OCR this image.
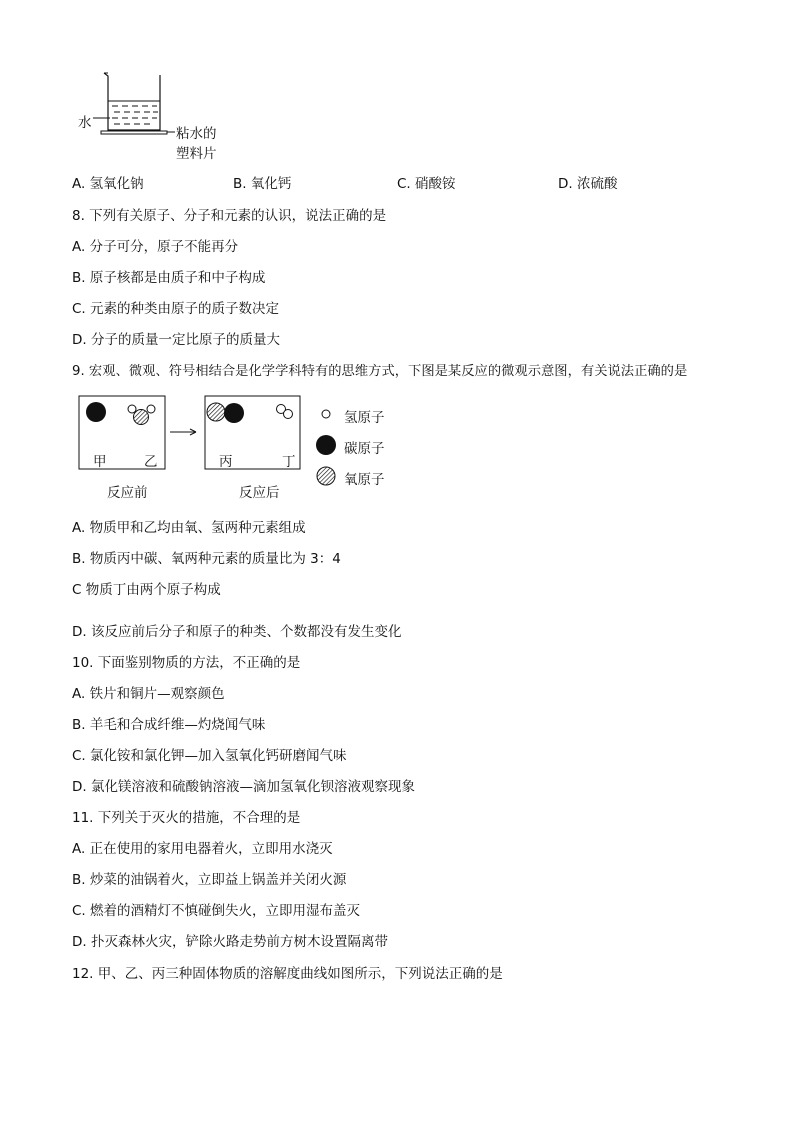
水
粘水的
塑料片
A. 氢氧化钠	B. 氧化钙	C. 硝酸铵	D. 浓硫酸
8. 下列有关原子、分子和元素的认识，说法正确的是
A. 分子可分，原子不能再分
B. 原子核都是由质子和中子构成
C. 元素的种类由原子的质子数决定
D. 分子的质量一定比原子的质量大
9. 宏观、微观、符号相结合是化学学科特有的思维方式，下图是某反应的微观示意图，有关说法正确的是
甲	乙	丙	丁
反应前	反应后
氢原子
碳原子
氧原子
A. 物质甲和乙均由氧、氢两种元素组成
B. 物质丙中碳、氧两种元素的质量比为 3：4
C 物质丁由两个原子构成
D. 该反应前后分子和原子的种类、个数都没有发生变化
10. 下面鉴别物质的方法，不正确的是
A. 铁片和铜片—观察颜色
B. 羊毛和合成纤维—灼烧闻气味
C. 氯化铵和氯化钾—加入氢氧化钙研磨闻气味
D. 氯化镁溶液和硫酸钠溶液—滴加氢氧化钡溶液观察现象
11. 下列关于灭火的措施，不合理的是
A. 正在使用的家用电器着火，立即用水浇灭
B. 炒菜的油锅着火，立即益上锅盖并关闭火源
C. 燃着的酒精灯不慎碰倒失火，立即用湿布盖灭
D. 扑灭森林火灾，铲除火路走势前方树木设置隔离带
12. 甲、乙、丙三种固体物质的溶解度曲线如图所示，下列说法正确的是
